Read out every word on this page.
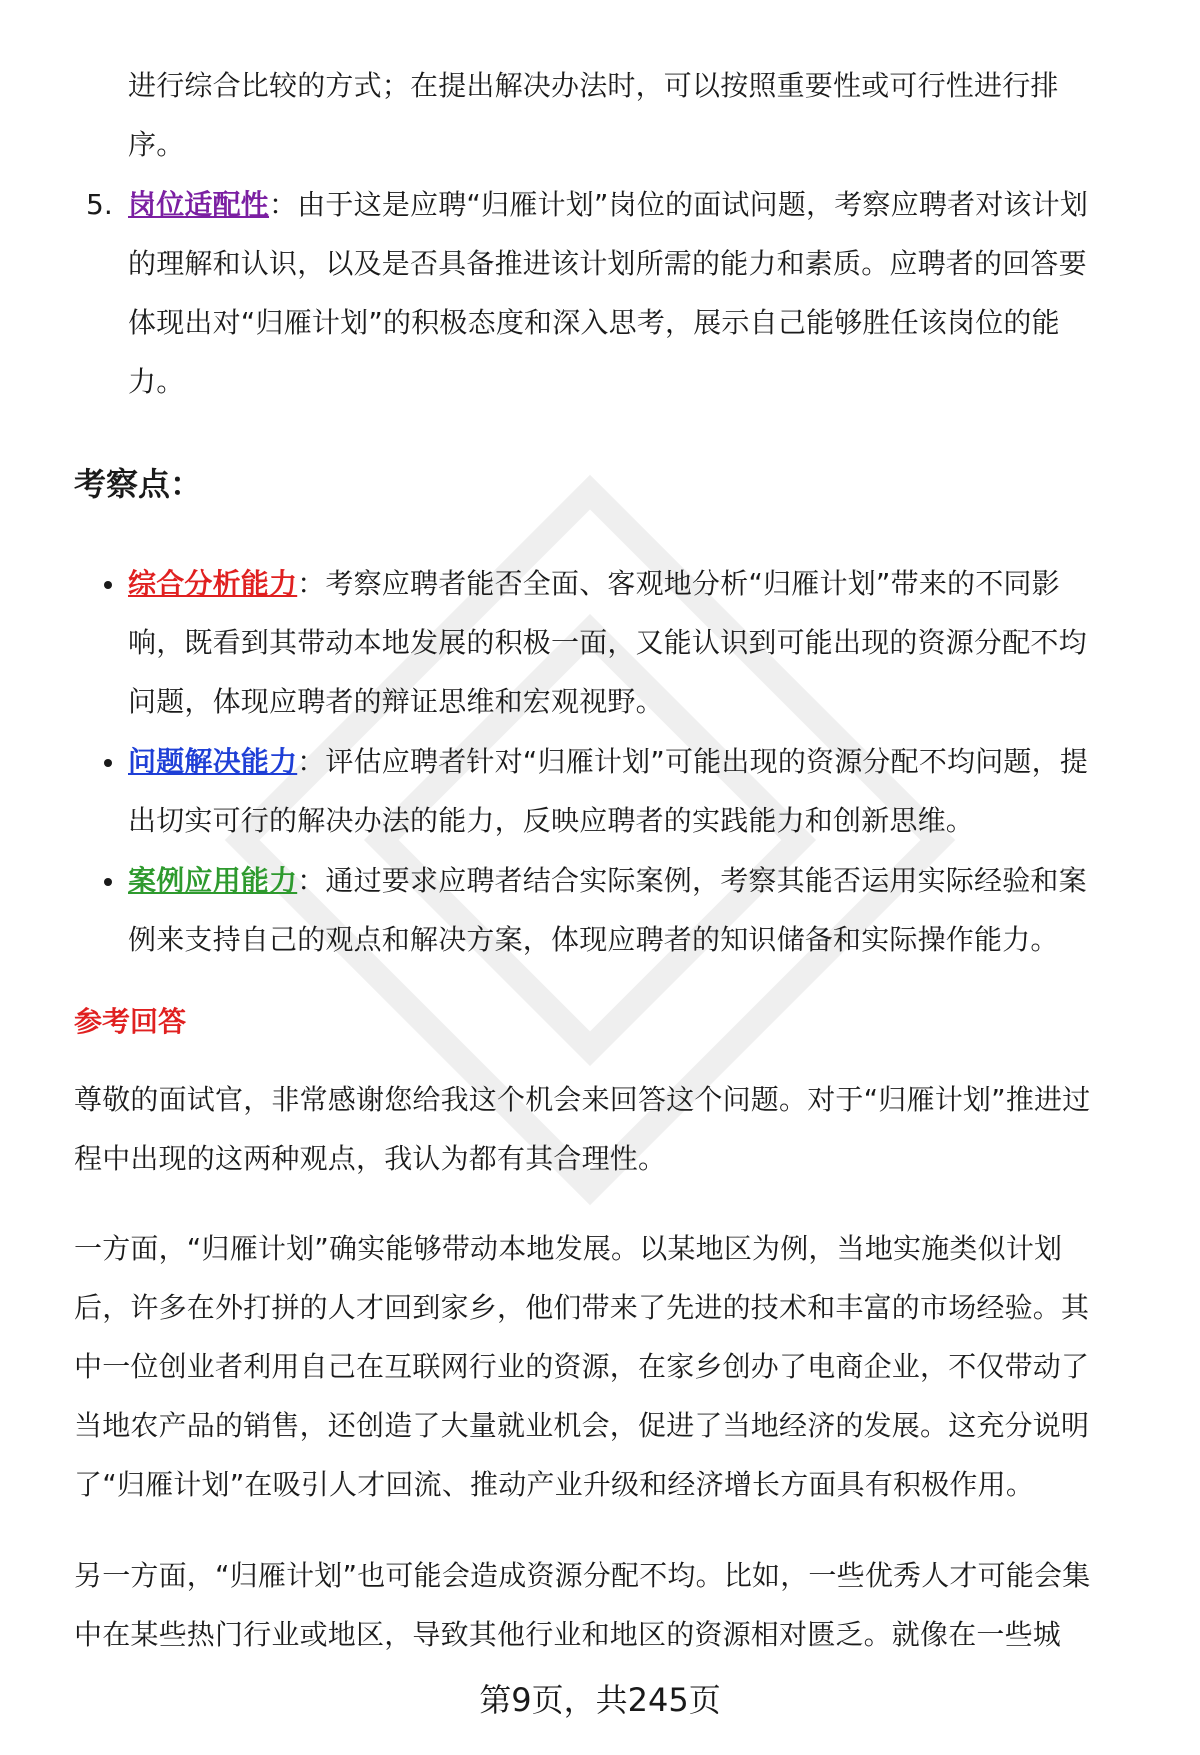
进行综合比较的方式；在提出解决办法时，可以按照重要性或可行性进行排

序。

5. 岗位适配性：由于这是应聘“归雁计划”岗位的面试问题，考察应聘者对该计划

的理解和认识，以及是否具备推进该计划所需的能力和素质。应聘者的回答要

体现出对“归雁计划”的积极态度和深入思考，展示自己能够胜任该岗位的能

力。

考察点：

综合分析能力：考察应聘者能否全面、客观地分析“归雁计划”带来的不同影

响，既看到其带动本地发展的积极一面，又能认识到可能出现的资源分配不均

问题，体现应聘者的辩证思维和宏观视野。

问题解决能力：评估应聘者针对“归雁计划”可能出现的资源分配不均问题，提

出切实可行的解决办法的能力，反映应聘者的实践能力和创新思维。

案例应用能力：通过要求应聘者结合实际案例，考察其能否运用实际经验和案

例来支持自己的观点和解决方案，体现应聘者的知识储备和实际操作能力。

参考回答

尊敬的面试官，非常感谢您给我这个机会来回答这个问题。对于“归雁计划”推进过

程中出现的这两种观点，我认为都有其合理性。

一方面，“归雁计划”确实能够带动本地发展。以某地区为例，当地实施类似计划

后，许多在外打拼的人才回到家乡，他们带来了先进的技术和丰富的市场经验。其

中一位创业者利用自己在互联网行业的资源，在家乡创办了电商企业，不仅带动了

当地农产品的销售，还创造了大量就业机会，促进了当地经济的发展。这充分说明

了“归雁计划”在吸引人才回流、推动产业升级和经济增长方面具有积极作用。

另一方面，“归雁计划”也可能会造成资源分配不均。比如，一些优秀人才可能会集

中在某些热门行业或地区，导致其他行业和地区的资源相对匮乏。就像在一些城

第9页，共245页
